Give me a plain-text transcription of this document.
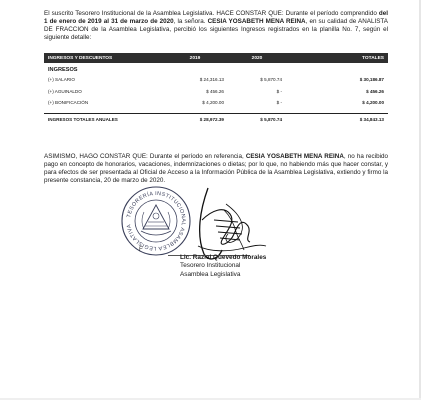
El suscrito Tesorero Institucional de la Asamblea Legislativa. HACE CONSTAR QUE: Durante el período comprendido del 1 de enero de 2019 al 31 de marzo de 2020, la señora. CESIA YOSABETH MENA REINA, en su calidad de ANALISTA DE FRACCION de la Asamblea Legislativa, percibió los siguientes Ingresos registrados en la planilla No. 7, según el siguiente detalle:

INGRESOS Y DESCUENTOS	2019	2020	TOTALES
INGRESOS			
(+) SALARIO	$ 24,316.13	$ 5,870.74	$ 30,186.87
(+) AGUINALDO	$ 456.26	$ -	$ 456.26
(+) BONIFICACIÓN	$ 4,200.00	$ -	$ 4,200.00

INGRESOS TOTALES ANUALES	$ 28,972.39	$ 5,870.74	$ 34,843.13

ASIMISMO, HAGO CONSTAR QUE: Durante el período en referencia, CESIA YOSABETH MENA REINA, no ha recibido pago en concepto de honorarios, vacaciones, indemnizaciones o dietas; por lo que, no habiendo más que hacer constar, y para efectos de ser presentada al Oficial de Acceso a la Información Pública de la Asamblea Legislativa, extiendo y firmo la presente constancia, 20 de marzo de 2020.

TESORERÍA INSTITUCIONAL ASAMBLEA LEGISLATIVA
F
Lic. Raziel Quevedo Morales
Tesorero Institucional
Asamblea Legislativa
